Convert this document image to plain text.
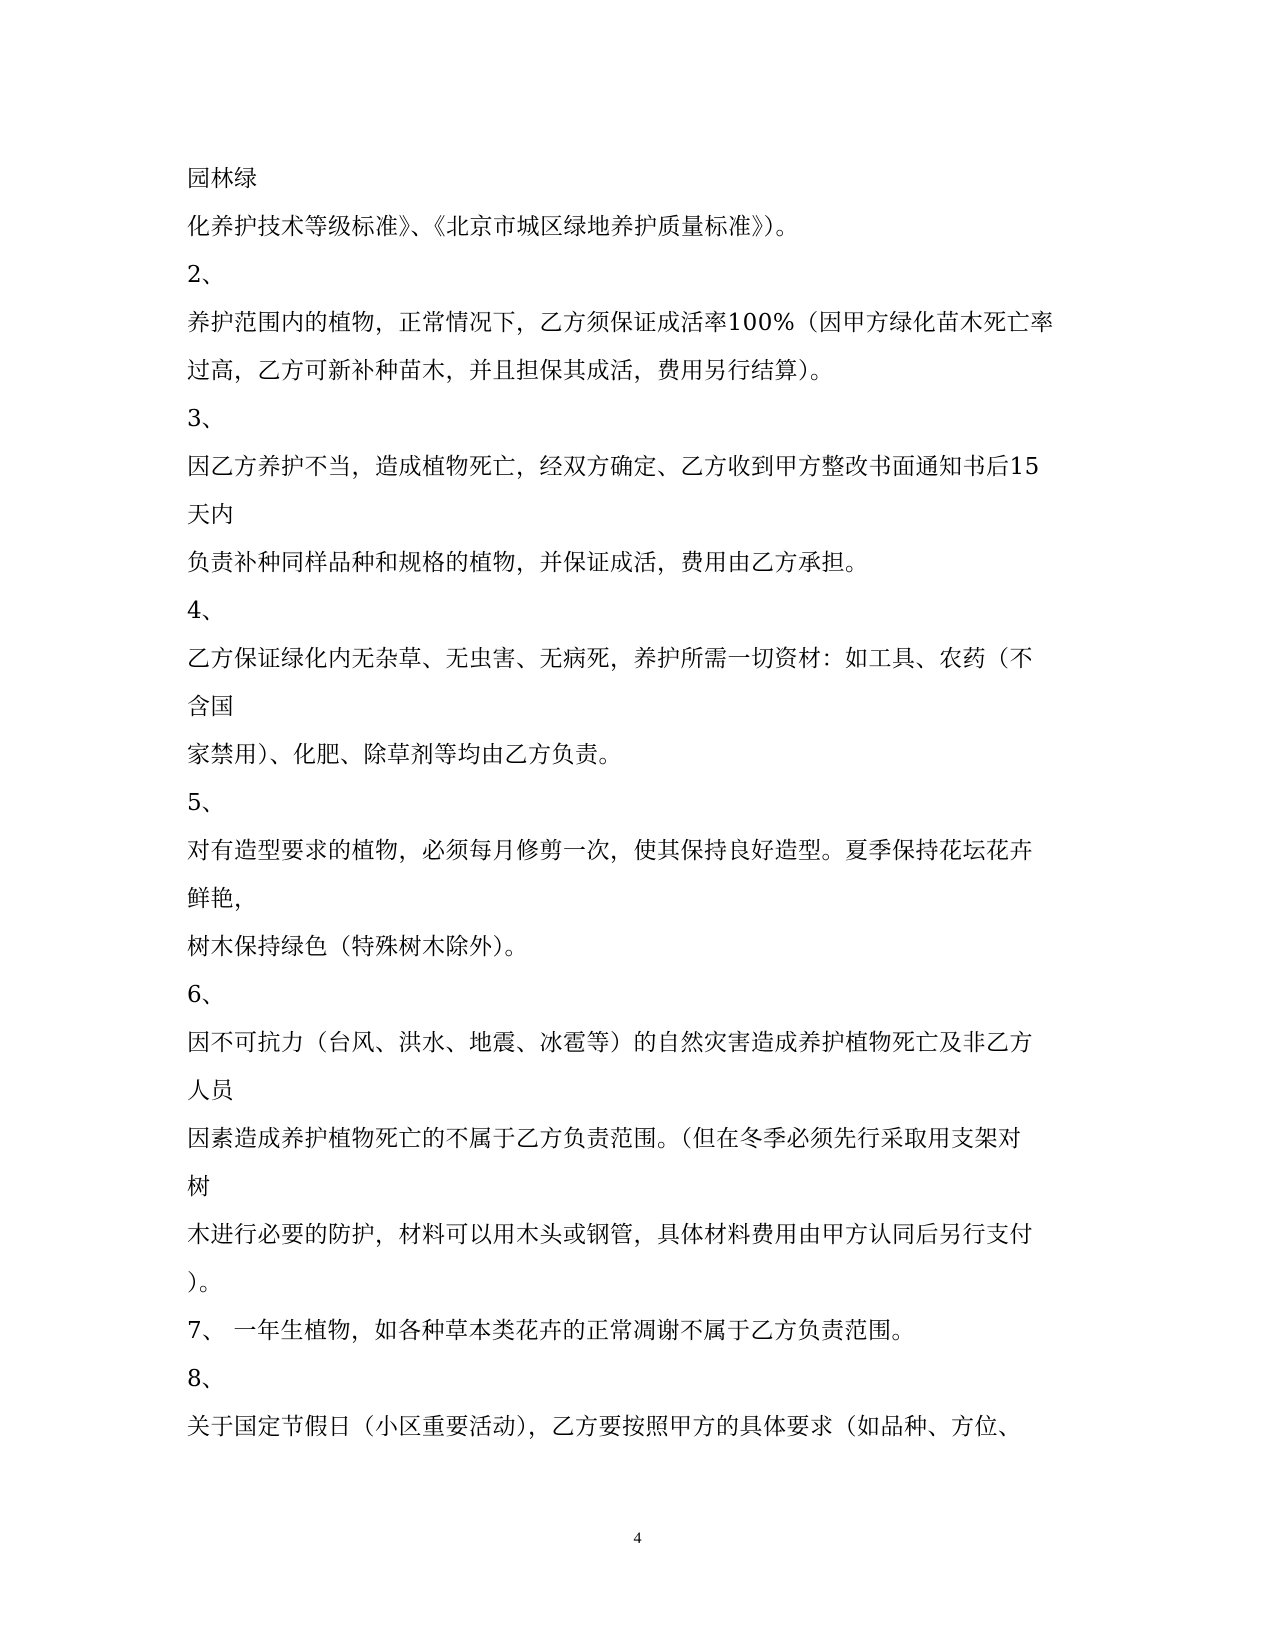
园林绿
化养护技术等级标准》、《北京市城区绿地养护质量标准》）。
2、
养护范围内的植物，正常情况下，乙方须保证成活率100%（因甲方绿化苗木死亡率
过高，乙方可新补种苗木，并且担保其成活，费用另行结算）。
3、
因乙方养护不当，造成植物死亡，经双方确定、乙方收到甲方整改书面通知书后15
天内
负责补种同样品种和规格的植物，并保证成活，费用由乙方承担。
4、
乙方保证绿化内无杂草、无虫害、无病死，养护所需一切资材：如工具、农药（不
含国
家禁用）、化肥、除草剂等均由乙方负责。
5、
对有造型要求的植物，必须每月修剪一次，使其保持良好造型。夏季保持花坛花卉
鲜艳，
树木保持绿色（特殊树木除外）。
6、
因不可抗力（台风、洪水、地震、冰雹等）的自然灾害造成养护植物死亡及非乙方
人员
因素造成养护植物死亡的不属于乙方负责范围。（但在冬季必须先行采取用支架对
树
木进行必要的防护，材料可以用木头或钢管，具体材料费用由甲方认同后另行支付
）。
7、 一年生植物，如各种草本类花卉的正常凋谢不属于乙方负责范围。
8、
关于国定节假日（小区重要活动），乙方要按照甲方的具体要求（如品种、方位、
4
